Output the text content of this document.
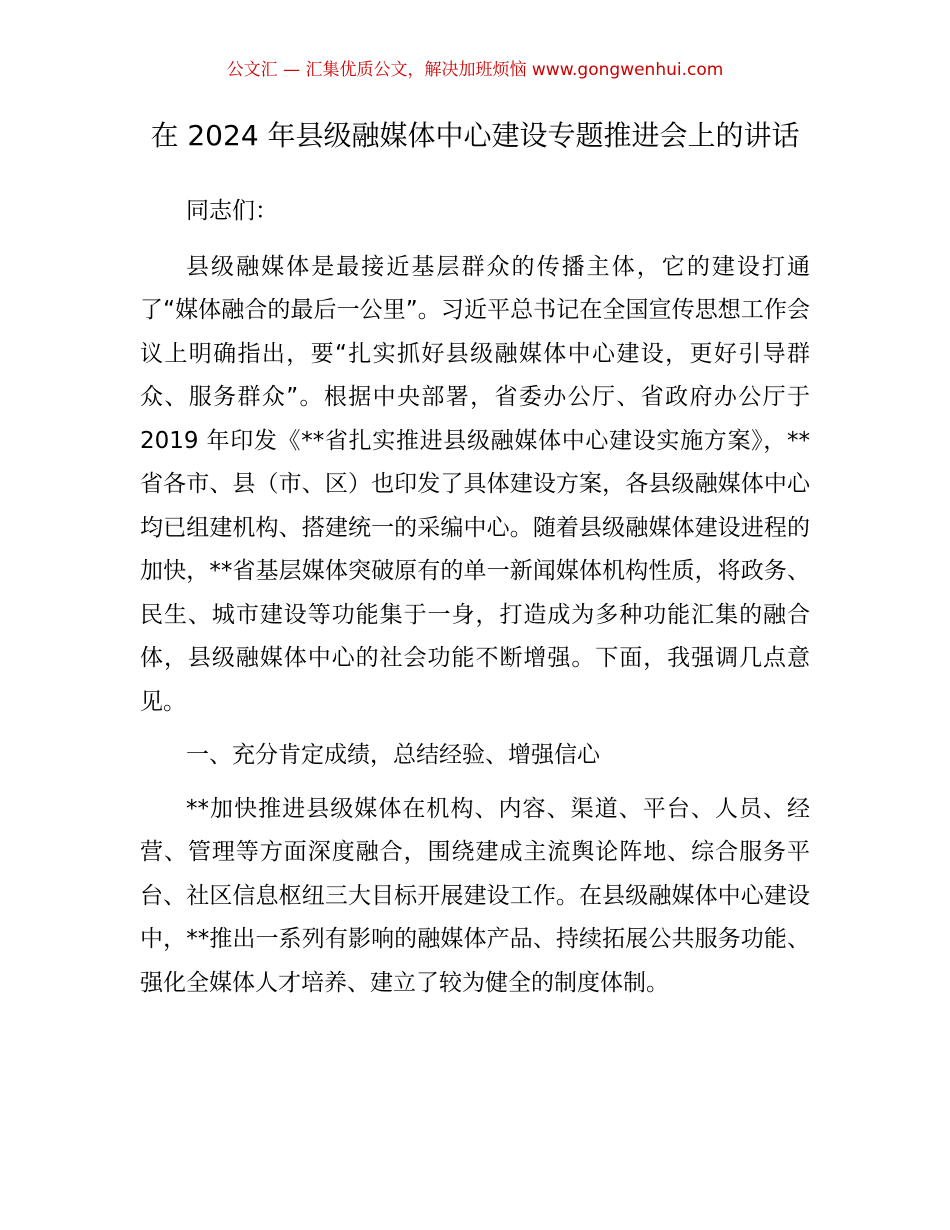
公文汇 — 汇集优质公文，解决加班烦恼 www.gongwenhui.com
在 2024 年县级融媒体中心建设专题推进会上的讲话

同志们：

县级融媒体是最接近基层群众的传播主体，它的建设打通了“媒体融合的最后一公里”。习近平总书记在全国宣传思想工作会议上明确指出，要“扎实抓好县级融媒体中心建设，更好引导群众、服务群众”。根据中央部署，省委办公厅、省政府办公厅于 2019 年印发《**省扎实推进县级融媒体中心建设实施方案》，**省各市、县（市、区）也印发了具体建设方案，各县级融媒体中心均已组建机构、搭建统一的采编中心。随着县级融媒体建设进程的加快，**省基层媒体突破原有的单一新闻媒体机构性质，将政务、民生、城市建设等功能集于一身，打造成为多种功能汇集的融合体，县级融媒体中心的社会功能不断增强。下面，我强调几点意见。

一、充分肯定成绩，总结经验、增强信心

**加快推进县级媒体在机构、内容、渠道、平台、人员、经营、管理等方面深度融合，围绕建成主流舆论阵地、综合服务平台、社区信息枢纽三大目标开展建设工作。在县级融媒体中心建设中，**推出一系列有影响的融媒体产品、持续拓展公共服务功能、强化全媒体人才培养、建立了较为健全的制度体制。
